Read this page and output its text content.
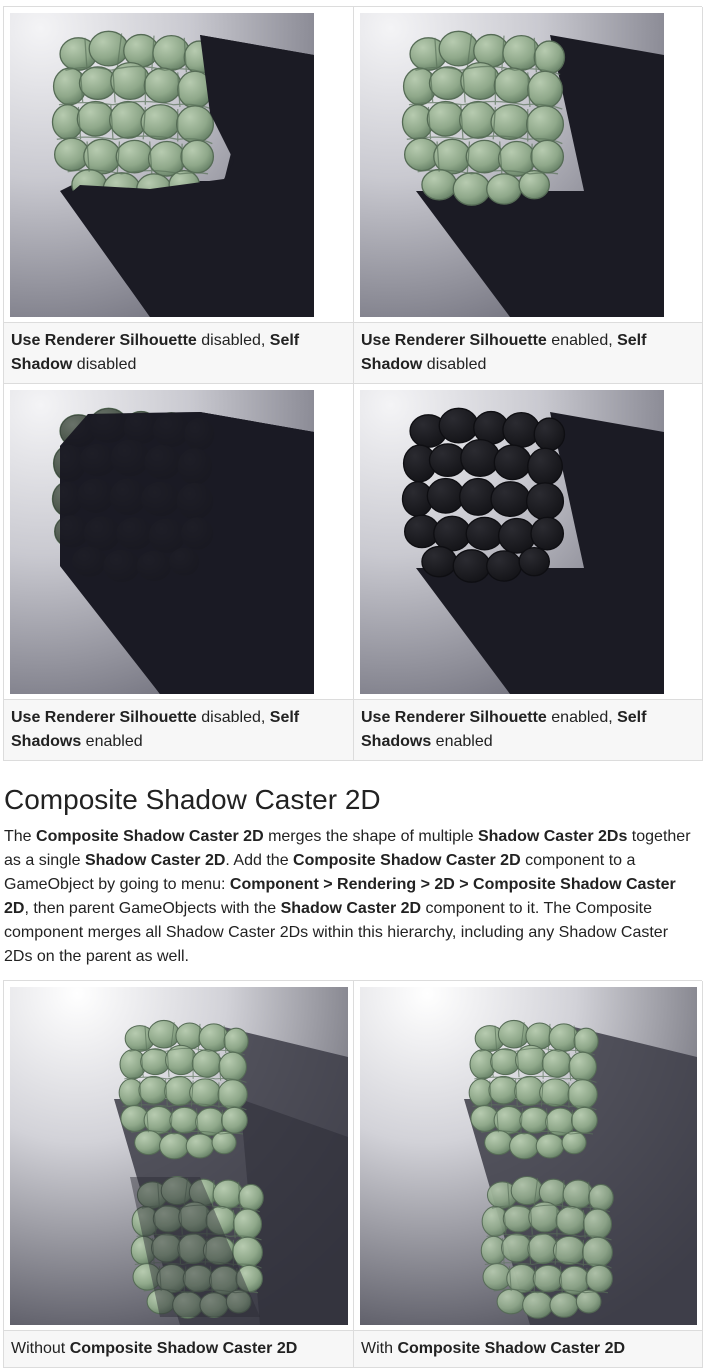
Use Renderer Silhouette disabled, Self Shadow disabled
Use Renderer Silhouette enabled, Self Shadow disabled
Use Renderer Silhouette disabled, Self Shadows enabled
Use Renderer Silhouette enabled, Self Shadows enabled
Composite Shadow Caster 2D

The Composite Shadow Caster 2D merges the shape of multiple Shadow Caster 2Ds together as a single Shadow Caster 2D. Add the Composite Shadow Caster 2D component to a GameObject by going to menu: Component > Rendering > 2D > Composite Shadow Caster 2D, then parent GameObjects with the Shadow Caster 2D component to it. The Composite component merges all Shadow Caster 2Ds within this hierarchy, including any Shadow Caster 2Ds on the parent as well.

Without Composite Shadow Caster 2D	With Composite Shadow Caster 2D
